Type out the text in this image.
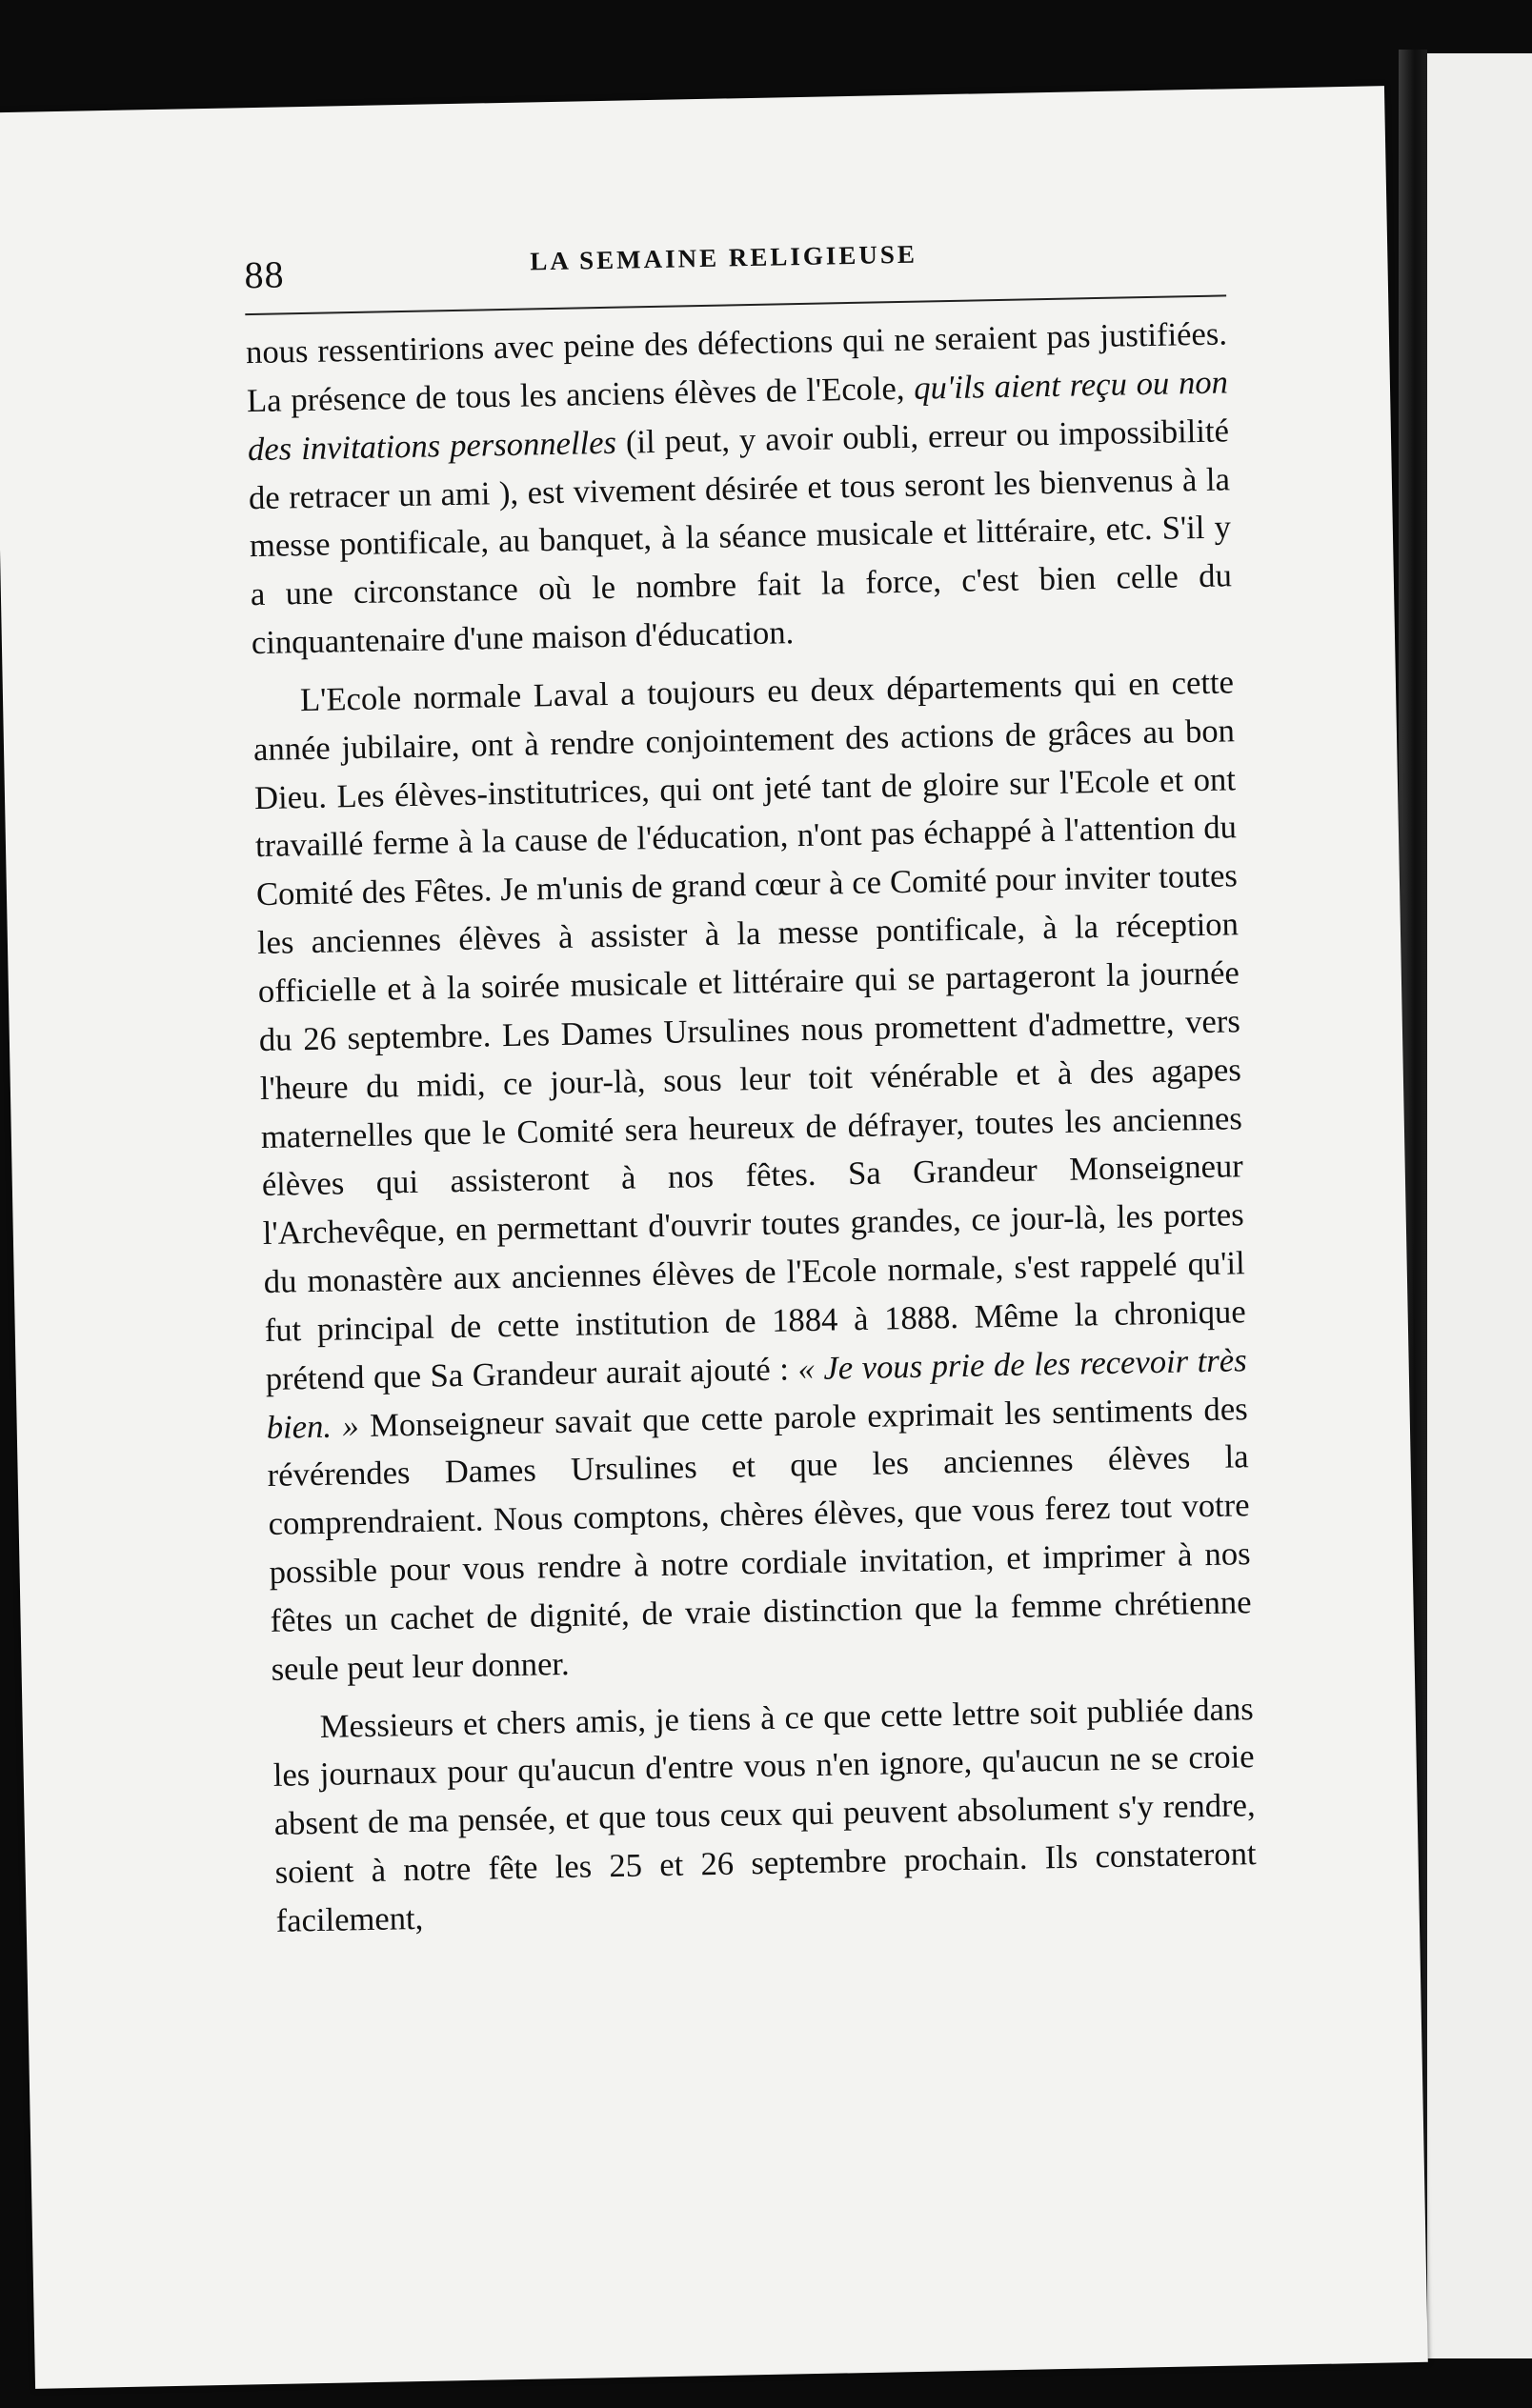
88	LA SEMAINE RELIGIEUSE

nous ressentirions avec peine des défections qui ne seraient pas justifiées. La présence de tous les anciens élèves de l'Ecole, qu'ils aient reçu ou non des invitations personnelles (il peut, y avoir oubli, erreur ou impossibilité de retracer un ami ), est vivement désirée et tous seront les bienvenus à la messe pontificale, au banquet, à la séance musicale et littéraire, etc. S'il y a une circonstance où le nombre fait la force, c'est bien celle du cinquantenaire d'une maison d'éducation.

L'Ecole normale Laval a toujours eu deux départements qui en cette année jubilaire, ont à rendre conjointement des actions de grâces au bon Dieu. Les élèves-institutrices, qui ont jeté tant de gloire sur l'Ecole et ont travaillé ferme à la cause de l'éducation, n'ont pas échappé à l'attention du Comité des Fêtes. Je m'unis de grand cœur à ce Comité pour inviter toutes les anciennes élèves à assister à la messe pontificale, à la réception officielle et à la soirée musicale et littéraire qui se partageront la journée du 26 septembre. Les Dames Ursulines nous promettent d'admettre, vers l'heure du midi, ce jour-là, sous leur toit vénérable et à des agapes maternelles que le Comité sera heureux de défrayer, toutes les anciennes élèves qui assisteront à nos fêtes. Sa Grandeur Monseigneur l'Archevêque, en permettant d'ouvrir toutes grandes, ce jour-là, les portes du monastère aux anciennes élèves de l'Ecole normale, s'est rappelé qu'il fut principal de cette institution de 1884 à 1888. Même la chronique prétend que Sa Grandeur aurait ajouté : « Je vous prie de les recevoir très bien. » Monseigneur savait que cette parole exprimait les sentiments des révérendes Dames Ursulines et que les anciennes élèves la comprendraient. Nous comptons, chères élèves, que vous ferez tout votre possible pour vous rendre à notre cordiale invitation, et imprimer à nos fêtes un cachet de dignité, de vraie distinction que la femme chrétienne seule peut leur donner.

Messieurs et chers amis, je tiens à ce que cette lettre soit publiée dans les journaux pour qu'aucun d'entre vous n'en ignore, qu'aucun ne se croie absent de ma pensée, et que tous ceux qui peuvent absolument s'y rendre, soient à notre fête les 25 et 26 septembre prochain. Ils constateront facilement,
